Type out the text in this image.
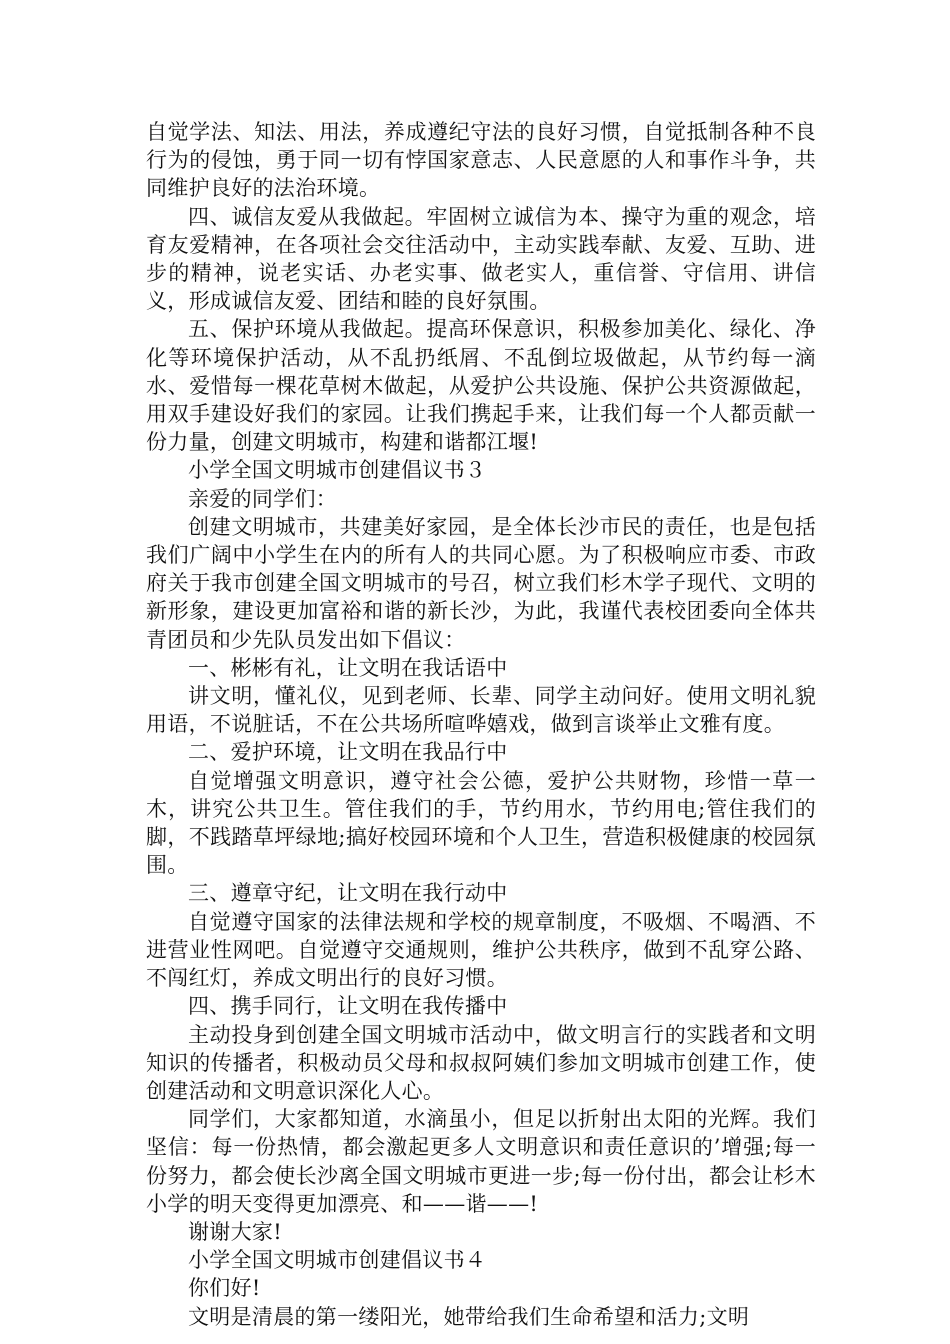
自觉学法、知法、用法，养成遵纪守法的良好习惯，自觉抵制各种不良行为的侵蚀，勇于同一切有悖国家意志、人民意愿的人和事作斗争，共同维护良好的法治环境。

四、诚信友爱从我做起。牢固树立诚信为本、操守为重的观念，培育友爱精神，在各项社会交往活动中，主动实践奉献、友爱、互助、进步的精神，说老实话、办老实事、做老实人，重信誉、守信用、讲信义，形成诚信友爱、团结和睦的良好氛围。

五、保护环境从我做起。提高环保意识，积极参加美化、绿化、净化等环境保护活动，从不乱扔纸屑、不乱倒垃圾做起，从节约每一滴水、爱惜每一棵花草树木做起，从爱护公共设施、保护公共资源做起，用双手建设好我们的家园。让我们携起手来，让我们每一个人都贡献一份力量，创建文明城市，构建和谐都江堰!

小学全国文明城市创建倡议书３

亲爱的同学们：

创建文明城市，共建美好家园，是全体长沙市民的责任，也是包括我们广阔中小学生在内的所有人的共同心愿。为了积极响应市委、市政府关于我市创建全国文明城市的号召，树立我们杉木学子现代、文明的新形象，建设更加富裕和谐的新长沙，为此，我谨代表校团委向全体共青团员和少先队员发出如下倡议：

一、彬彬有礼，让文明在我话语中

讲文明，懂礼仪，见到老师、长辈、同学主动问好。使用文明礼貌用语，不说脏话，不在公共场所喧哗嬉戏，做到言谈举止文雅有度。

二、爱护环境，让文明在我品行中

自觉增强文明意识，遵守社会公德，爱护公共财物，珍惜一草一木，讲究公共卫生。管住我们的手，节约用水，节约用电;管住我们的脚，不践踏草坪绿地;搞好校园环境和个人卫生，营造积极健康的校园氛围。

三、遵章守纪，让文明在我行动中

自觉遵守国家的法律法规和学校的规章制度，不吸烟、不喝酒、不进营业性网吧。自觉遵守交通规则，维护公共秩序，做到不乱穿公路、不闯红灯，养成文明出行的良好习惯。

四、携手同行，让文明在我传播中

主动投身到创建全国文明城市活动中，做文明言行的实践者和文明知识的传播者，积极动员父母和叔叔阿姨们参加文明城市创建工作，使创建活动和文明意识深化人心。

同学们，大家都知道，水滴虽小，但足以折射出太阳的光辉。我们坚信：每一份热情，都会激起更多人文明意识和责任意识的’增强;每一份努力，都会使长沙离全国文明城市更进一步;每一份付出，都会让杉木小学的明天变得更加漂亮、和——谐——!

谢谢大家!

小学全国文明城市创建倡议书４

你们好!

文明是清晨的第一缕阳光，她带给我们生命希望和活力;文明
